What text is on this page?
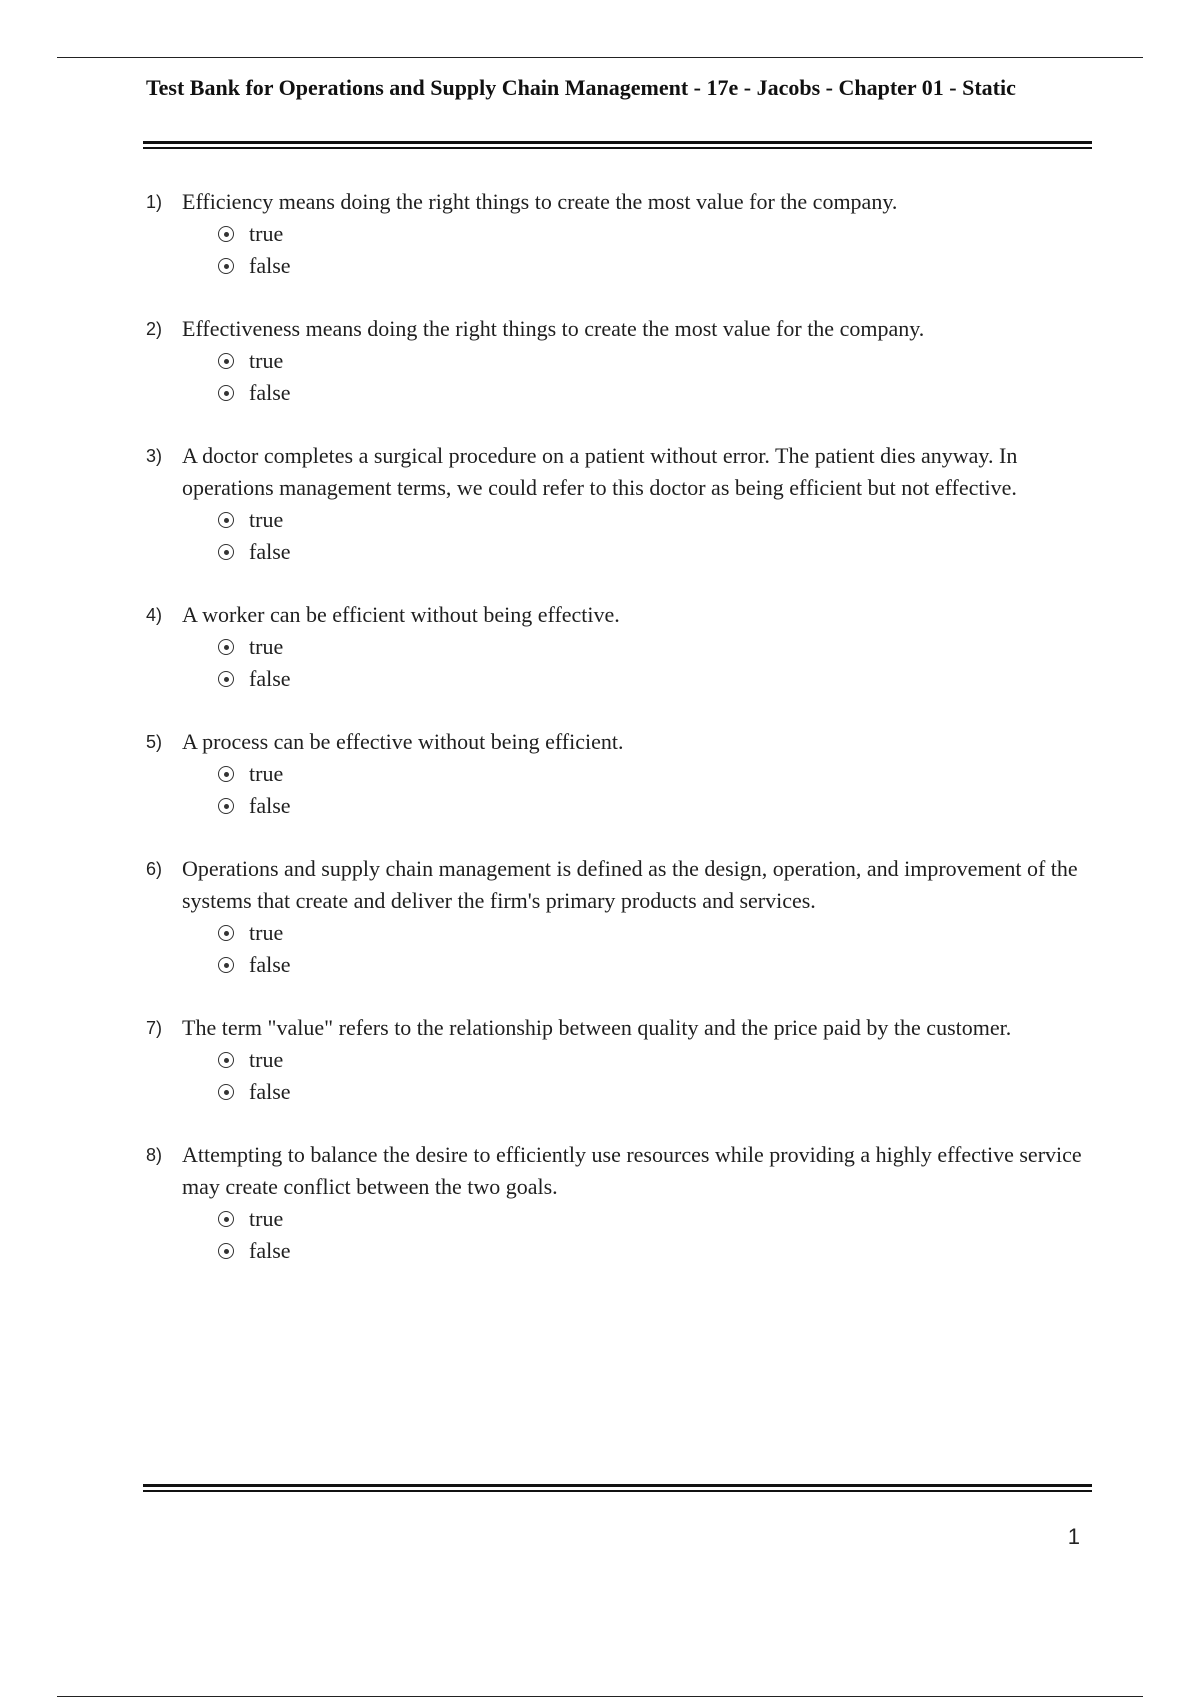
Test Bank for Operations and Supply Chain Management - 17e - Jacobs - Chapter 01 - Static
1) Efficiency means doing the right things to create the most value for the company.
true
false
2) Effectiveness means doing the right things to create the most value for the company.
true
false
3) A doctor completes a surgical procedure on a patient without error. The patient dies anyway. In operations management terms, we could refer to this doctor as being efficient but not effective.
true
false
4) A worker can be efficient without being effective.
true
false
5) A process can be effective without being efficient.
true
false
6) Operations and supply chain management is defined as the design, operation, and improvement of the systems that create and deliver the firm's primary products and services.
true
false
7) The term "value" refers to the relationship between quality and the price paid by the customer.
true
false
8) Attempting to balance the desire to efficiently use resources while providing a highly effective service may create conflict between the two goals.
true
false
1
